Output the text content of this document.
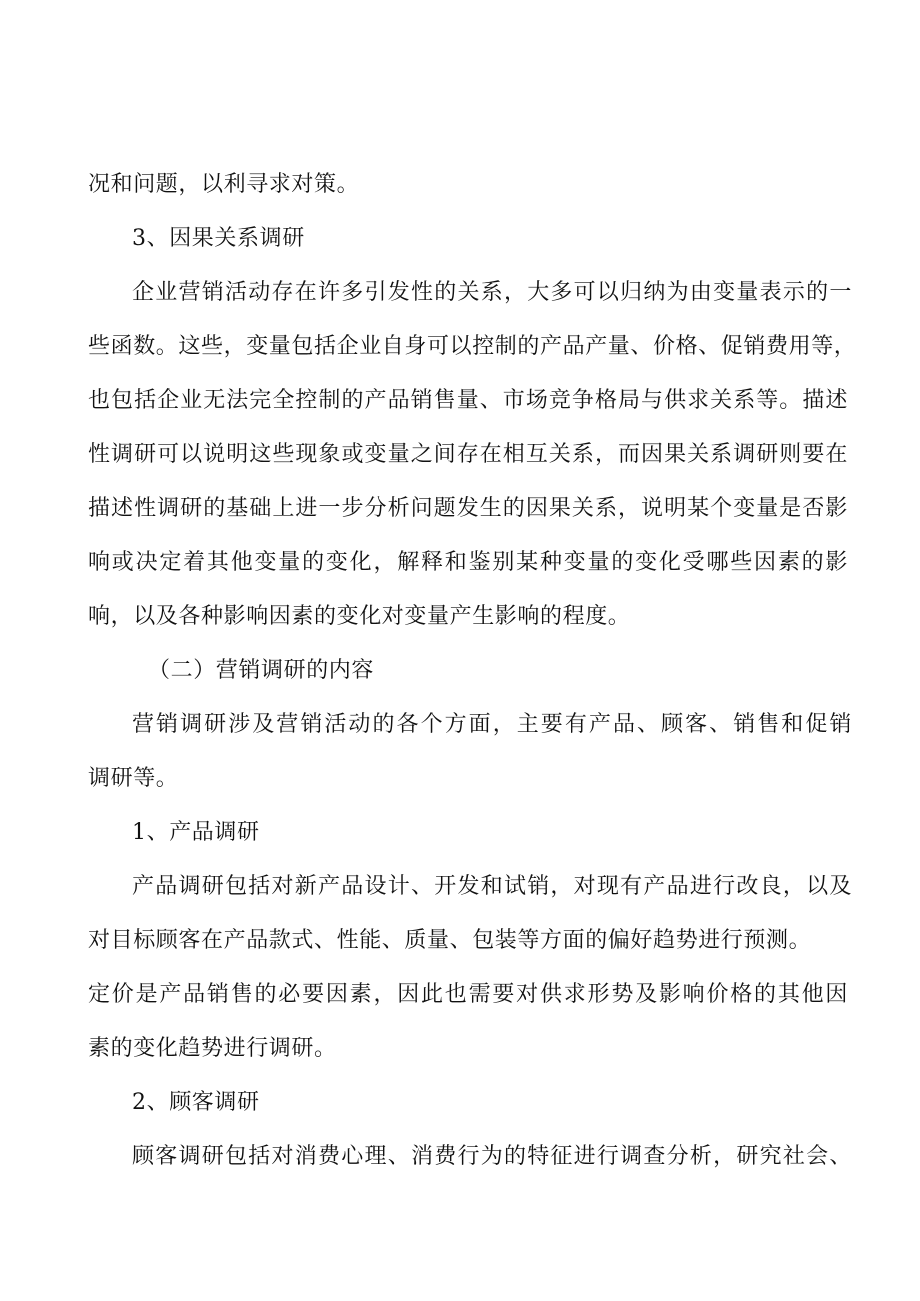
况和问题，以利寻求对策。
3、因果关系调研
企业营销活动存在许多引发性的关系，大多可以归纳为由变量表示的一
些函数。这些，变量包括企业自身可以控制的产品产量、价格、促销费用等，
也包括企业无法完全控制的产品销售量、市场竞争格局与供求关系等。描述
性调研可以说明这些现象或变量之间存在相互关系，而因果关系调研则要在
描述性调研的基础上进一步分析问题发生的因果关系，说明某个变量是否影
响或决定着其他变量的变化，解释和鉴别某种变量的变化受哪些因素的影
响，以及各种影响因素的变化对变量产生影响的程度。
（二）营销调研的内容
营销调研涉及营销活动的各个方面，主要有产品、顾客、销售和促销
调研等。
1、产品调研
产品调研包括对新产品设计、开发和试销，对现有产品进行改良，以及
对目标顾客在产品款式、性能、质量、包装等方面的偏好趋势进行预测。
定价是产品销售的必要因素，因此也需要对供求形势及影响价格的其他因
素的变化趋势进行调研。
2、顾客调研
顾客调研包括对消费心理、消费行为的特征进行调查分析，研究社会、
